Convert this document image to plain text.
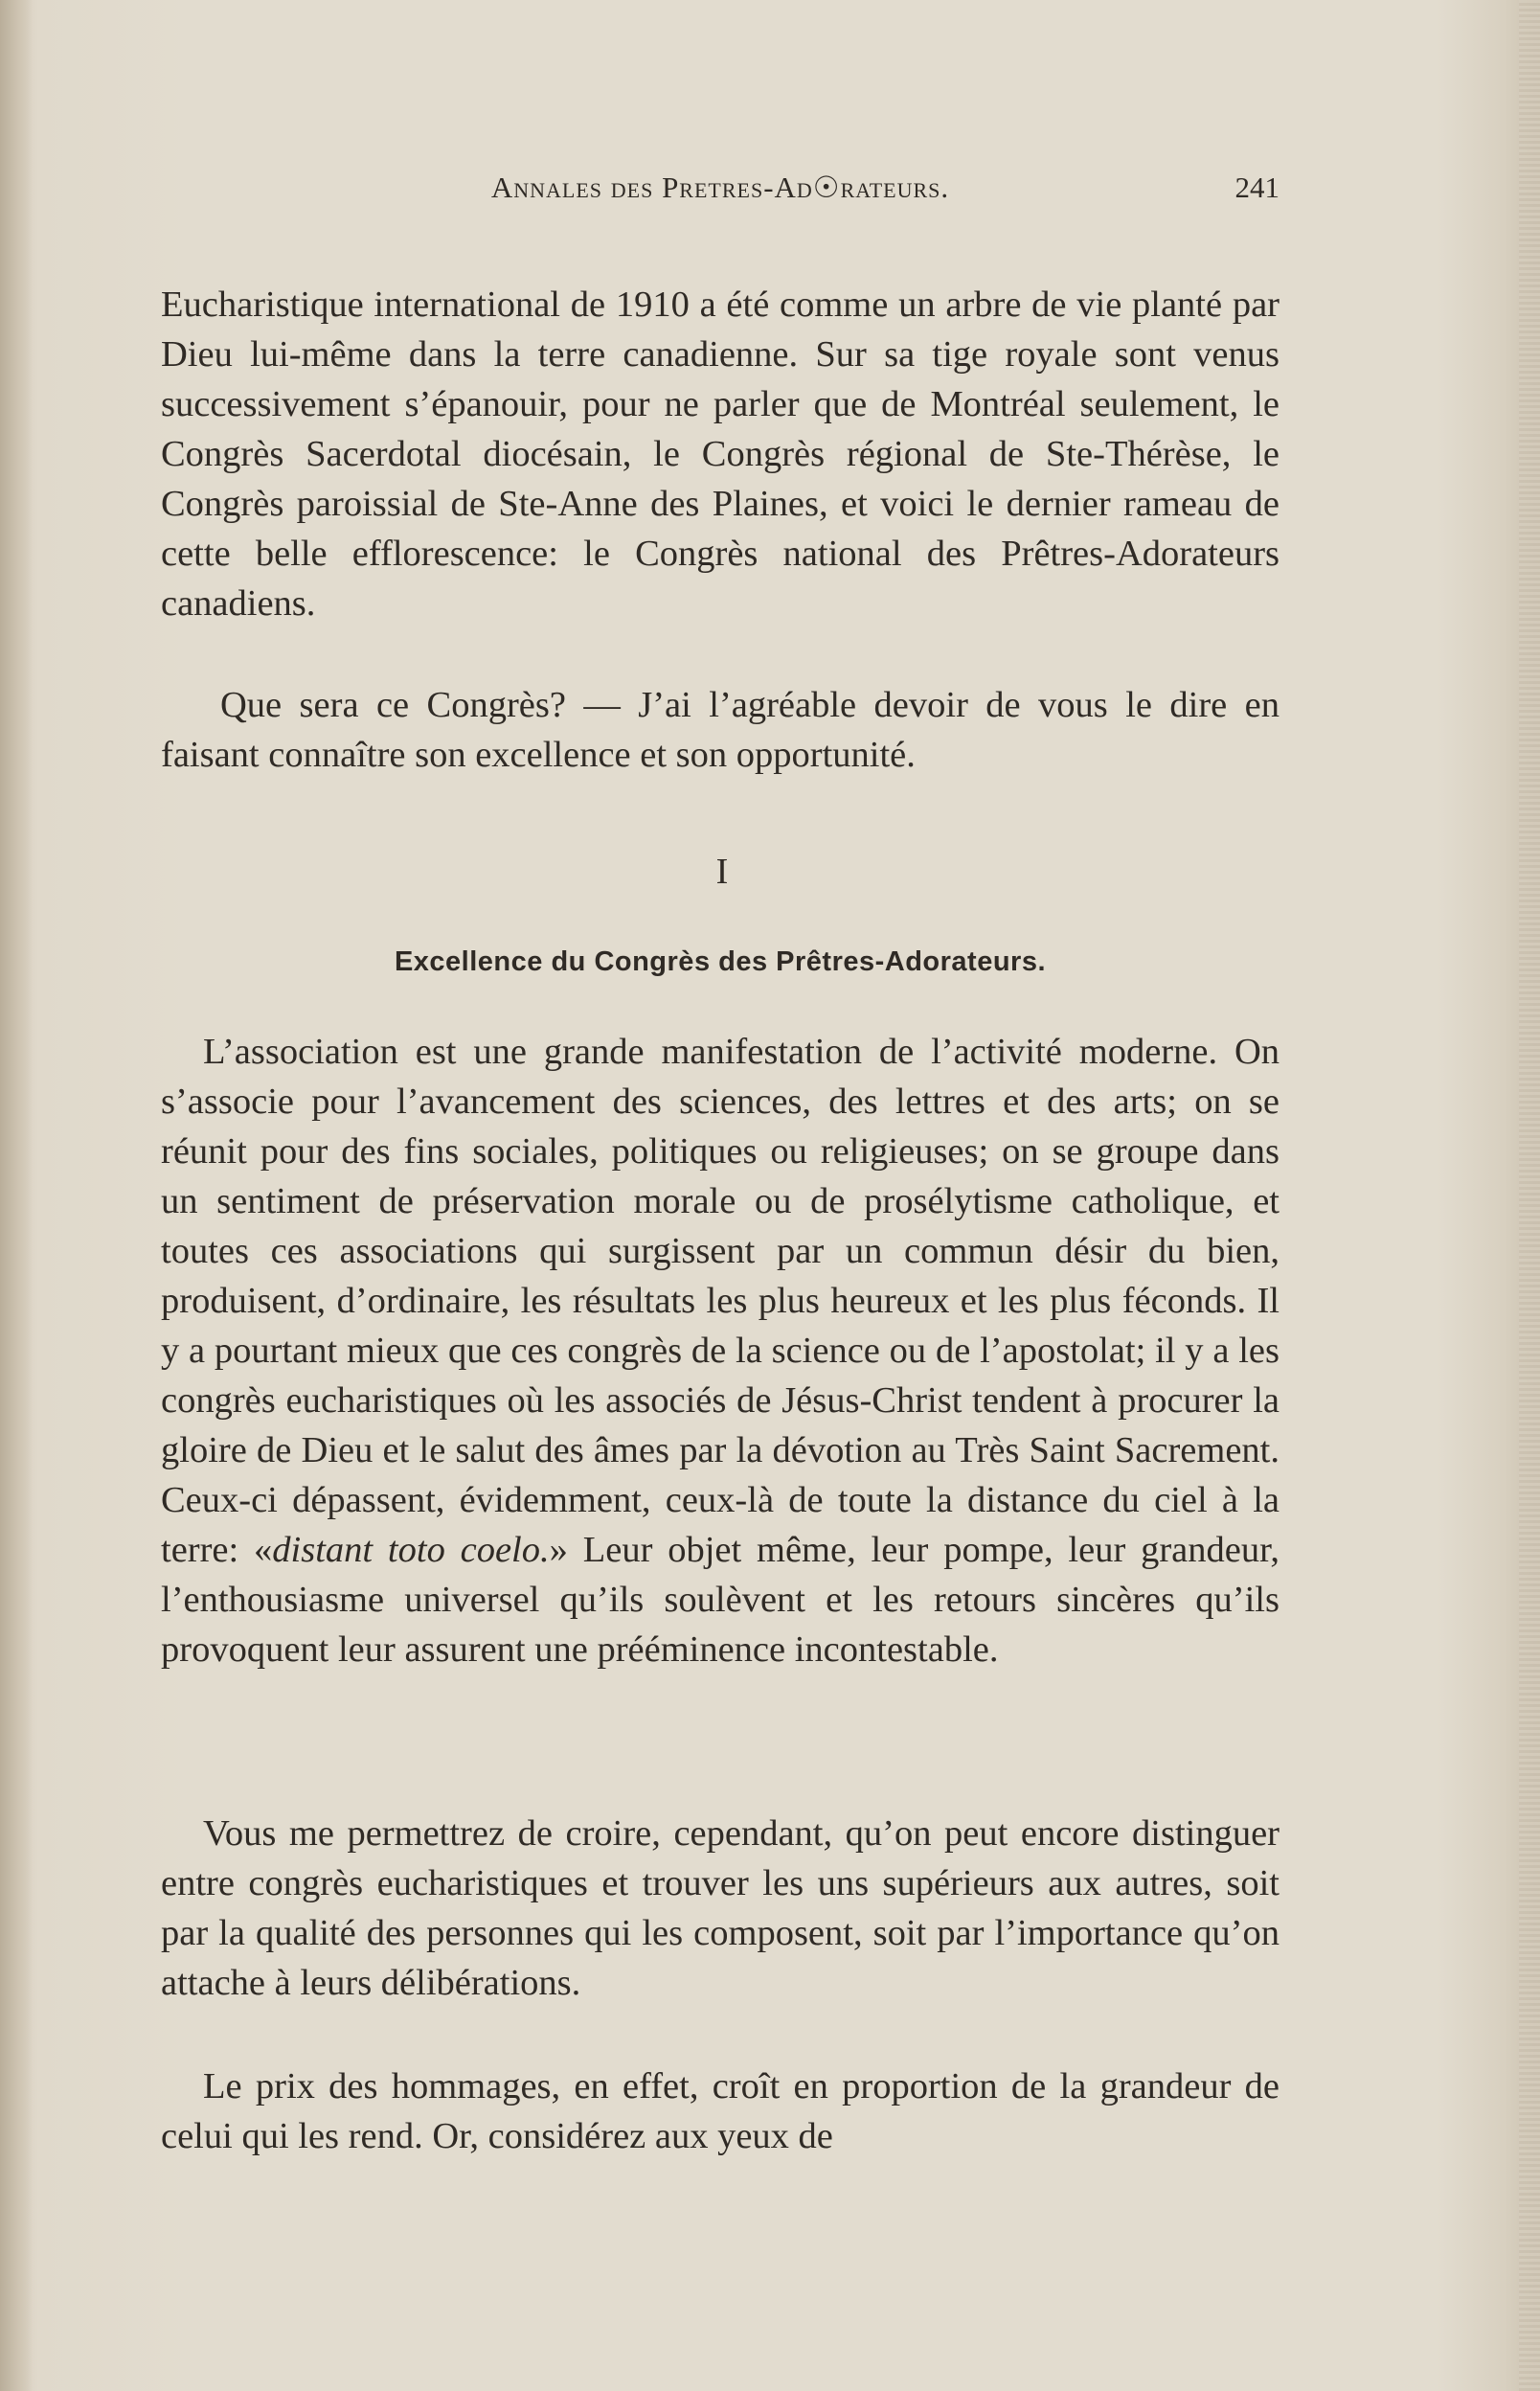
Annales des Pretres-Ad☉rateurs.	241

Eucharistique international de 1910 a été comme un arbre de vie planté par Dieu lui-même dans la terre canadienne. Sur sa tige royale sont venus successivement s’épanouir, pour ne parler que de Montréal seulement, le Congrès Sacerdotal diocésain, le Congrès régional de Ste-Thérèse, le Congrès paroissial de Ste-Anne des Plaines, et voici le dernier rameau de cette belle efflorescence: le Congrès national des Prêtres-Adorateurs canadiens.

Que sera ce Congrès? — J’ai l’agréable devoir de vous le dire en faisant connaître son excellence et son opportunité.

I
Excellence du Congrès des Prêtres-Adorateurs.

L’association est une grande manifestation de l’activité moderne. On s’associe pour l’avancement des sciences, des lettres et des arts; on se réunit pour des fins sociales, politiques ou religieuses; on se groupe dans un sentiment de préservation morale ou de prosélytisme catholique, et toutes ces associations qui surgissent par un commun désir du bien, produisent, d’ordinaire, les résultats les plus heureux et les plus féconds. Il y a pourtant mieux que ces congrès de la science ou de l’apostolat; il y a les congrès eucharistiques où les associés de Jésus-Christ tendent à procurer la gloire de Dieu et le salut des âmes par la dévotion au Très Saint Sacrement. Ceux-ci dépassent, évidemment, ceux-là de toute la distance du ciel à la terre: «distant toto coelo.» Leur objet même, leur pompe, leur grandeur, l’enthousiasme universel qu’ils soulèvent et les retours sincères qu’ils provoquent leur assurent une prééminence incontestable.

Vous me permettrez de croire, cependant, qu’on peut encore distinguer entre congrès eucharistiques et trouver les uns supérieurs aux autres, soit par la qualité des personnes qui les composent, soit par l’importance qu’on attache à leurs délibérations.

Le prix des hommages, en effet, croît en proportion de la grandeur de celui qui les rend. Or, considérez aux yeux de
